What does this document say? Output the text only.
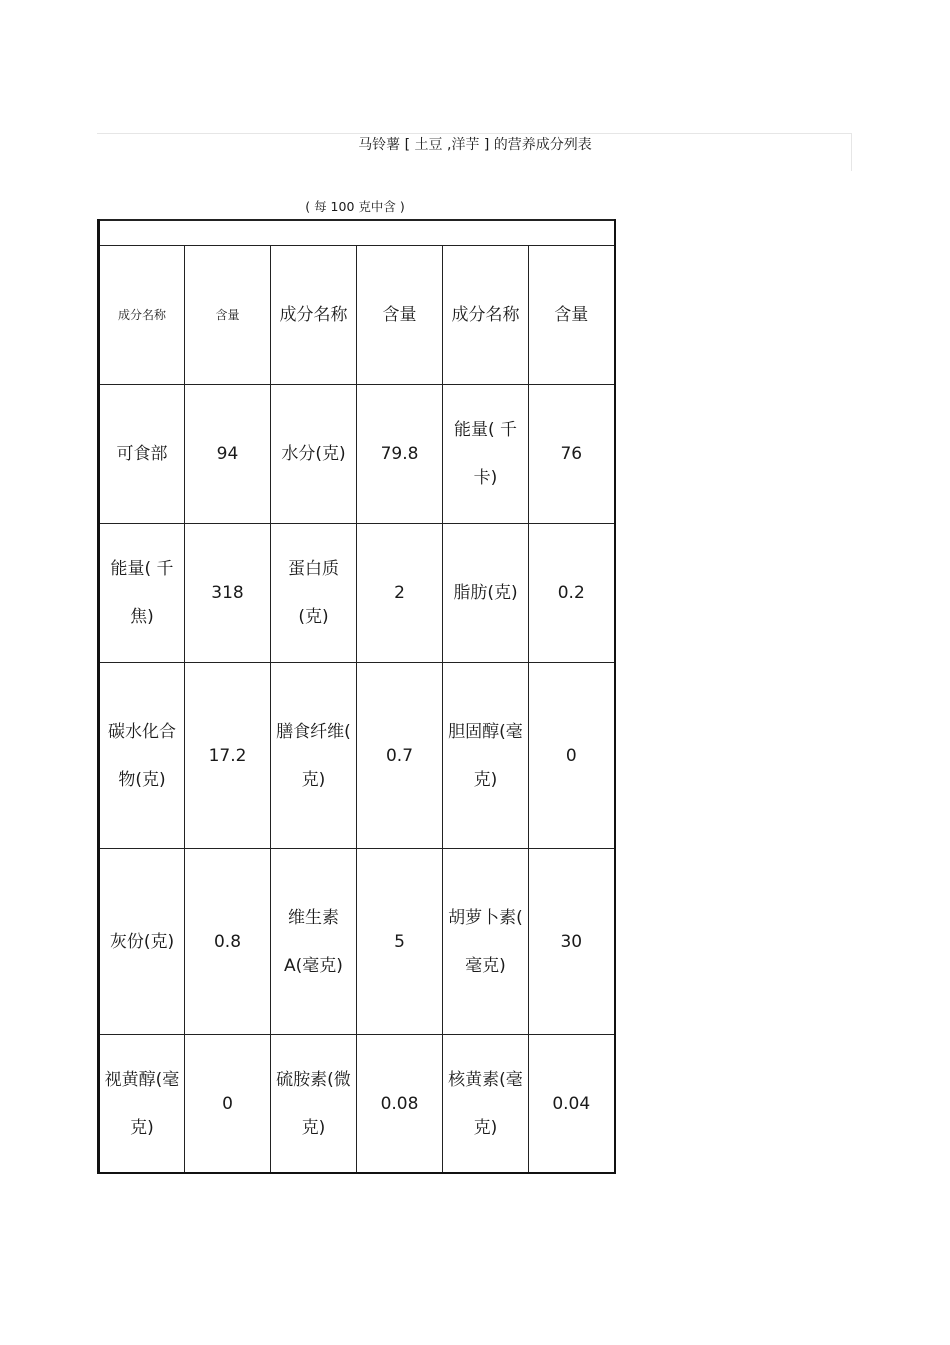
马铃薯 [ 土豆 ,洋芋 ] 的营养成分列表
( 每 100 克中含 )

成分名称	含量	成分名称	含量	成分名称	含量
可食部	94	水分(克)	79.8	能量( 千卡)	76
能量( 千焦)	318	蛋白质(克)	2	脂肪(克)	0.2
碳水化合物(克)	17.2	膳食纤维( 克)	0.7	胆固醇(毫克)	0
灰份(克)	0.8	维生素A(毫克)	5	胡萝卜素( 毫克)	30
视黄醇(毫克)	0	硫胺素(微克)	0.08	核黄素(毫克)	0.04
